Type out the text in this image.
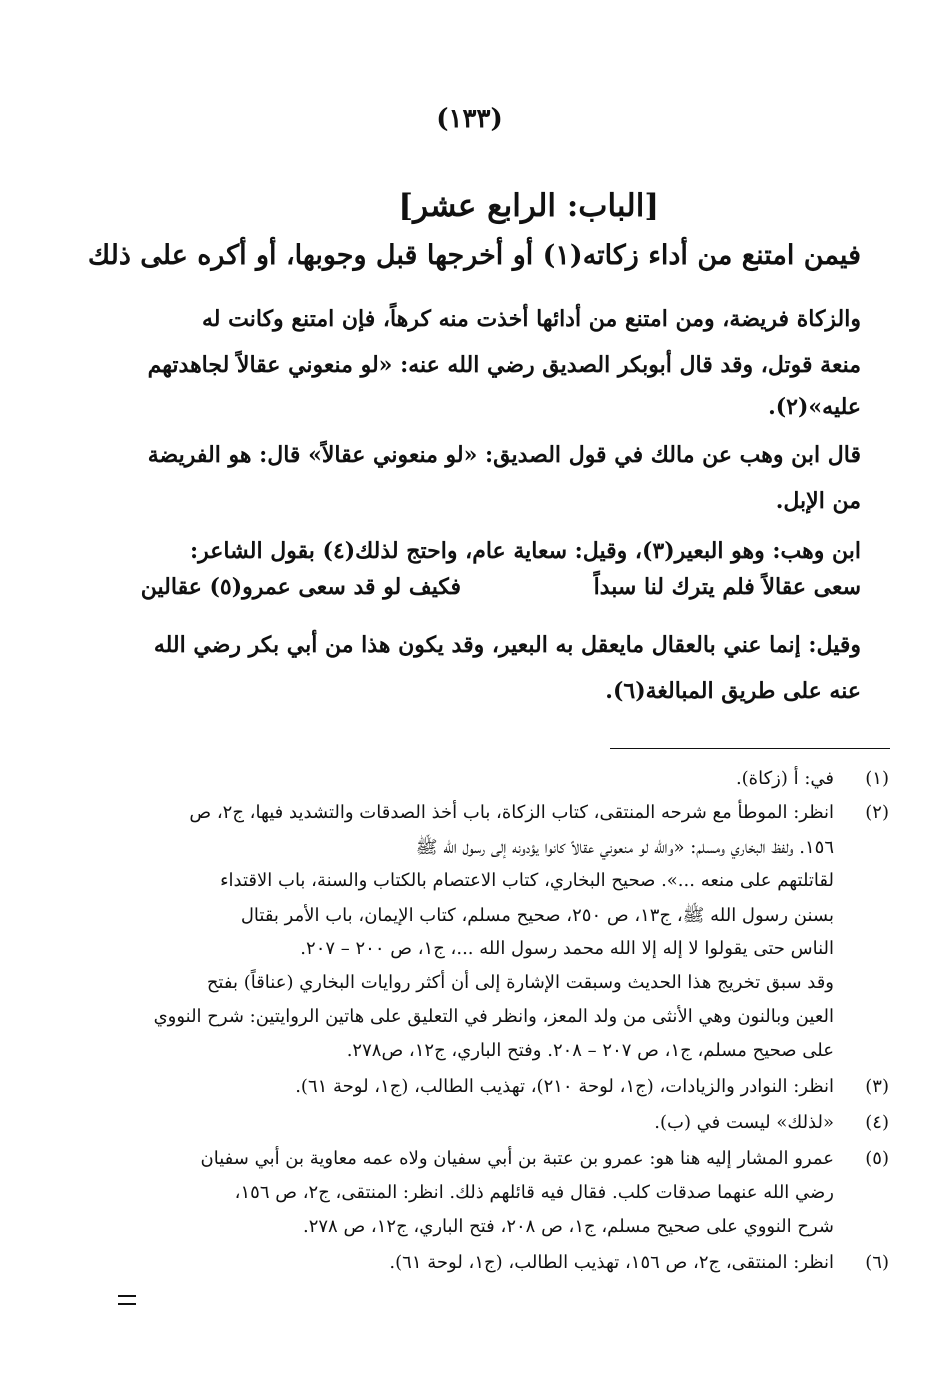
(١٣٣)
[الباب: الرابع عشر]
فيمن امتنع من أداء زكاته(١) أو أخرجها قبل وجوبها، أو أكره على ذلك
والزكاة فريضة، ومن امتنع من أدائها أخذت منه كرهاً، فإن امتنع وكانت له
منعة قوتل، وقد قال أبوبكر الصديق رضي الله عنه: «لو منعوني عقالاً لجاهدتهم
عليه»(٢).
قال ابن وهب عن مالك في قول الصديق: «لو منعوني عقالاً» قال: هو الفريضة
من الإبل.
ابن وهب: وهو البعير(٣)، وقيل: سعاية عام، واحتج لذلك(٤) بقول الشاعر:
سعى عقالاً فلم يترك لنا سبداً
فكيف لو قد سعى عمرو(٥) عقالين
وقيل: إنما عني بالعقال مايعقل به البعير، وقد يكون هذا من أبي بكر رضي الله
عنه على طريق المبالغة(٦).
(١)
في: أ (زكاة).
(٢)
انظر: الموطأ مع شرحه المنتقى، كتاب الزكاة، باب أخذ الصدقات والتشديد فيها، ج٢، ص
١٥٦. ولفظ البخاري ومسلم: «والله لو منعوني عقالاً كانوا يؤدونه إلى رسول الله ﷺ
لقاتلتهم على منعه ...». صحيح البخاري، كتاب الاعتصام بالكتاب والسنة، باب الاقتداء
بسنن رسول الله ﷺ، ج١٣، ص ٢٥٠، صحيح مسلم، كتاب الإيمان، باب الأمر بقتال
الناس حتى يقولوا لا إله إلا الله محمد رسول الله ...، ج١، ص ٢٠٠ – ٢٠٧.
وقد سبق تخريج هذا الحديث وسبقت الإشارة إلى أن أكثر روايات البخاري (عناقاً) بفتح
العين وبالنون وهي الأنثى من ولد المعز، وانظر في التعليق على هاتين الروايتين: شرح النووي
على صحيح مسلم، ج١، ص ٢٠٧ – ٢٠٨. وفتح الباري، ج١٢، ص٢٧٨.
(٣)
انظر: النوادر والزيادات، (ج١، لوحة ٢١٠)، تهذيب الطالب، (ج١، لوحة ٦١).
(٤)
«لذلك» ليست في (ب).
(٥)
عمرو المشار إليه هنا هو: عمرو بن عتبة بن أبي سفيان ولاه عمه معاوية بن أبي سفيان
رضي الله عنهما صدقات كلب. فقال فيه قائلهم ذلك. انظر: المنتقى، ج٢، ص ١٥٦،
شرح النووي على صحيح مسلم، ج١، ص ٢٠٨، فتح الباري، ج١٢، ص ٢٧٨.
(٦)
انظر: المنتقى، ج٢، ص ١٥٦، تهذيب الطالب، (ج١، لوحة ٦١).
